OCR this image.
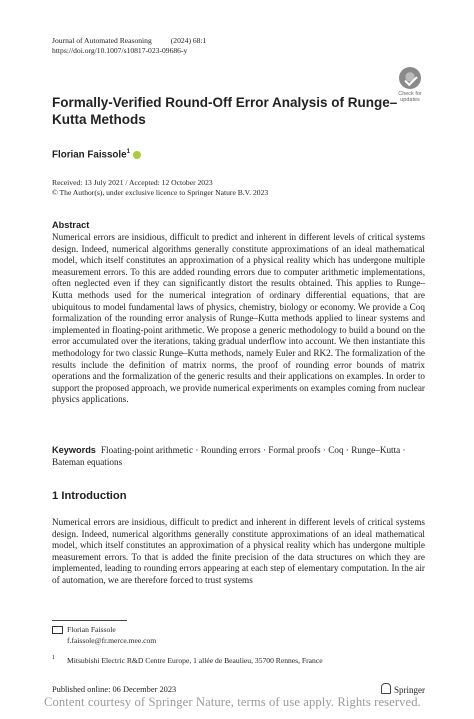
Journal of Automated Reasoning          (2024) 68:1
https://doi.org/10.1007/s10817-023-09686-y
Check for
updates
Formally-Verified Round-Off Error Analysis of Runge–Kutta Methods
Florian Faissole$^1$
Received: 13 July 2021 / Accepted: 12 October 2023
© The Author(s), under exclusive licence to Springer Nature B.V. 2023
Abstract
Numerical errors are insidious, difficult to predict and inherent in different levels of critical systems design. Indeed, numerical algorithms generally constitute approximations of an ideal mathematical model, which itself constitutes an approximation of a physical reality which has undergone multiple measurement errors. To this are added rounding errors due to computer arithmetic implementations, often neglected even if they can significantly distort the results obtained. This applies to Runge–Kutta methods used for the numerical integration of ordinary differential equations, that are ubiquitous to model fundamental laws of physics, chemistry, biology or economy. We provide a Coq formalization of the rounding error analysis of Runge–Kutta methods applied to linear systems and implemented in floating-point arithmetic. We propose a generic methodology to build a bound on the error accumulated over the iterations, taking gradual underflow into account. We then instantiate this methodology for two classic Runge–Kutta methods, namely Euler and RK2. The formalization of the results include the definition of matrix norms, the proof of rounding error bounds of matrix operations and the formalization of the generic results and their applications on examples. In order to support the proposed approach, we provide numerical experiments on examples coming from nuclear physics applications.
Keywords Floating-point arithmetic · Rounding errors · Formal proofs · Coq · Runge–Kutta · Bateman equations
1 Introduction
Numerical errors are insidious, difficult to predict and inherent in different levels of critical systems design. Indeed, numerical algorithms generally constitute approximations of an ideal mathematical model, which itself constitutes an approximation of a physical reality which has undergone multiple measurement errors. To that is added the finite precision of the data structures on which they are implemented, leading to rounding errors appearing at each step of elementary computation. In the air of automation, we are therefore forced to trust systems
Florian Faissole
f.faissole@fr.merce.mee.com
1 Mitsubishi Electric R&D Centre Europe, 1 allée de Beaulieu, 35700 Rennes, France
Published online: 06 December 2023	Springer
Content courtesy of Springer Nature, terms of use apply. Rights reserved.
